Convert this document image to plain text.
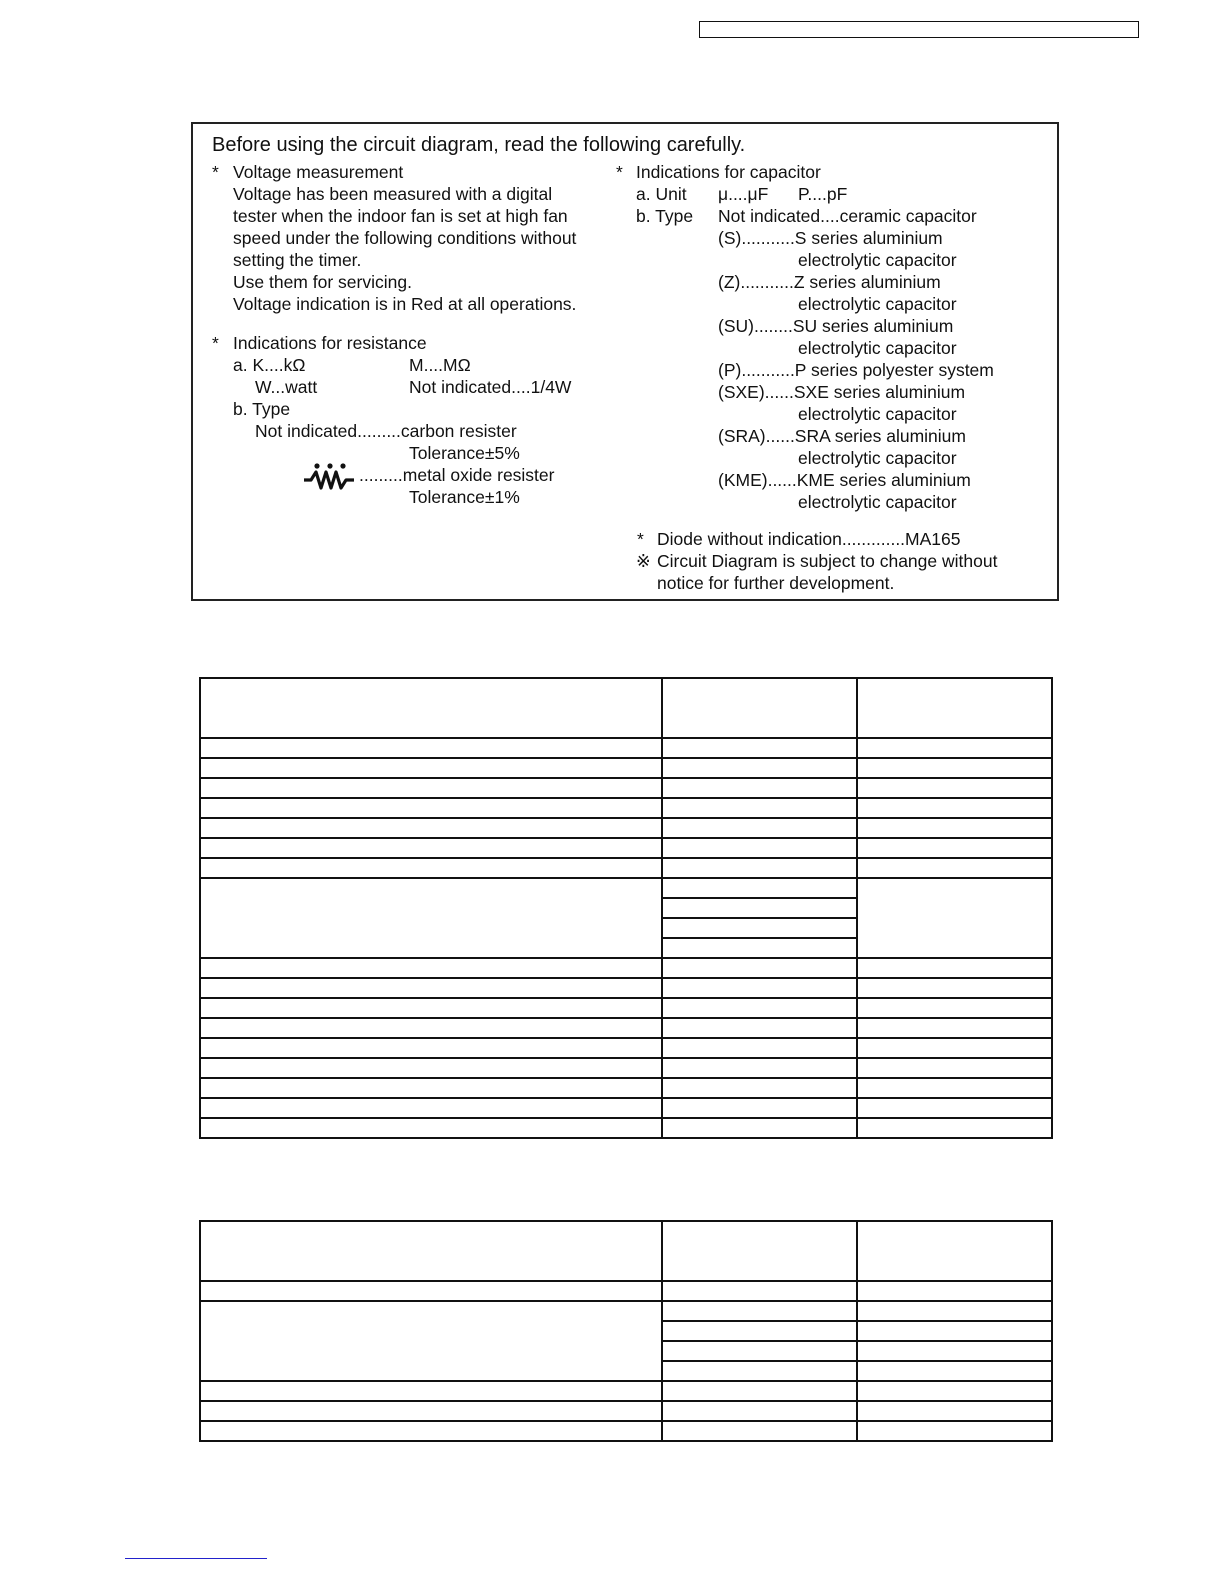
Before using the circuit diagram, read the following carefully.
* Voltage measurement
Voltage has been measured with a digital
tester when the indoor fan is set at high fan
speed under the following conditions without
setting the timer.
Use them for servicing.
Voltage indication is in Red at all operations.
* Indications for resistance
a. K....kΩ	M....MΩ
W...watt	Not indicated....1/4W
b. Type
Not indicated.........carbon resister
Tolerance±5%
.........metal oxide resister
Tolerance±1%
* Indications for capacitor
a. Unit μ....μF P....pF
b. Type Not indicated....ceramic capacitor
(S)...........S series aluminium
electrolytic capacitor
(Z)...........Z series aluminium
electrolytic capacitor
(SU)........SU series aluminium
electrolytic capacitor
(P)...........P series polyester system
(SXE)......SXE series aluminium
electrolytic capacitor
(SRA)......SRA series aluminium
electrolytic capacitor
(KME)......KME series aluminium
electrolytic capacitor
* Diode without indication.............MA165
※ Circuit Diagram is subject to change without
notice for further development.
